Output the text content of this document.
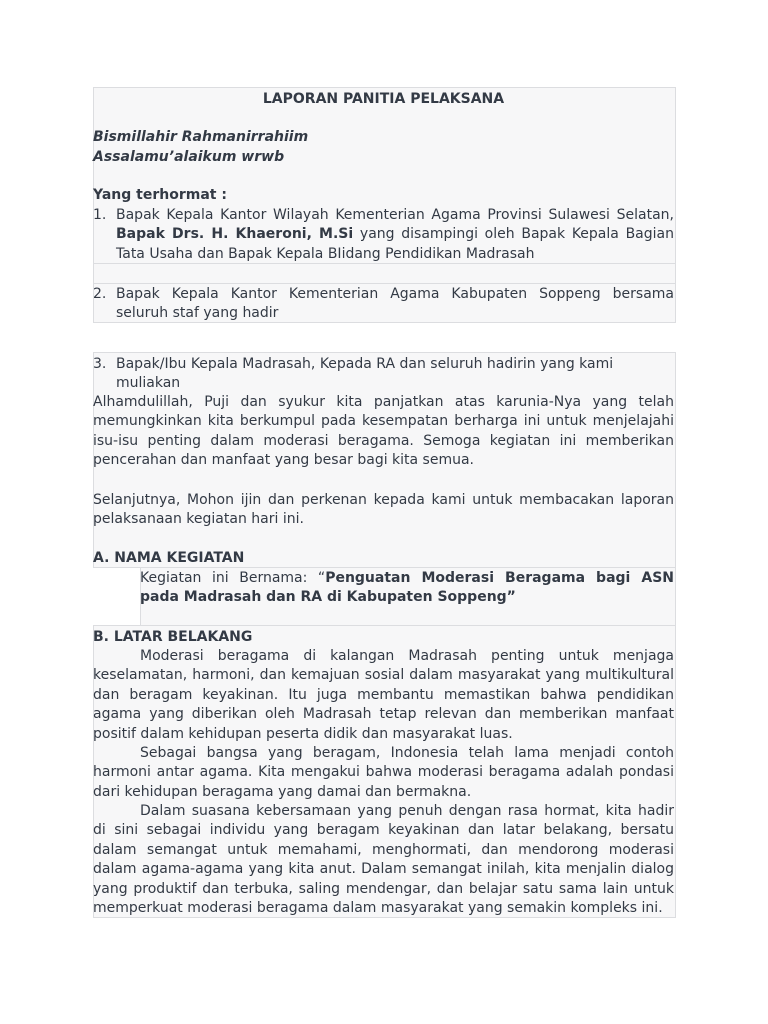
LAPORAN PANITIA PELAKSANA
Bismillahir Rahmanirrahiim
Assalamu’alaikum wrwb
Yang terhormat :
1. Bapak Kepala Kantor Wilayah Kementerian Agama Provinsi Sulawesi Selatan, Bapak Drs. H. Khaeroni, M.Si yang disampingi oleh Bapak Kepala Bagian Tata Usaha dan Bapak Kepala BIidang Pendidikan Madrasah
2. Bapak Kepala Kantor Kementerian Agama Kabupaten Soppeng bersama seluruh staf yang hadir
3. Bapak/Ibu Kepala Madrasah, Kepada RA dan seluruh hadirin yang kami muliakan
Alhamdulillah, Puji dan syukur kita panjatkan atas karunia-Nya yang telah memungkinkan kita berkumpul pada kesempatan berharga ini untuk menjelajahi isu-isu penting dalam moderasi beragama. Semoga kegiatan ini memberikan pencerahan dan manfaat yang besar bagi kita semua.
Selanjutnya, Mohon ijin dan perkenan kepada kami untuk membacakan laporan pelaksanaan kegiatan hari ini.
A. NAMA KEGIATAN
Kegiatan ini Bernama: “Penguatan Moderasi Beragama bagi ASN pada Madrasah dan RA di Kabupaten Soppeng”
B. LATAR BELAKANG
Moderasi beragama di kalangan Madrasah penting untuk menjaga keselamatan, harmoni, dan kemajuan sosial dalam masyarakat yang multikultural dan beragam keyakinan. Itu juga membantu memastikan bahwa pendidikan agama yang diberikan oleh Madrasah tetap relevan dan memberikan manfaat positif dalam kehidupan peserta didik dan masyarakat luas.
Sebagai bangsa yang beragam, Indonesia telah lama menjadi contoh harmoni antar agama. Kita mengakui bahwa moderasi beragama adalah pondasi dari kehidupan beragama yang damai dan bermakna.
Dalam suasana kebersamaan yang penuh dengan rasa hormat, kita hadir di sini sebagai individu yang beragam keyakinan dan latar belakang, bersatu dalam semangat untuk memahami, menghormati, dan mendorong moderasi dalam agama-agama yang kita anut. Dalam semangat inilah, kita menjalin dialog yang produktif dan terbuka, saling mendengar, dan belajar satu sama lain untuk memperkuat moderasi beragama dalam masyarakat yang semakin kompleks ini.
